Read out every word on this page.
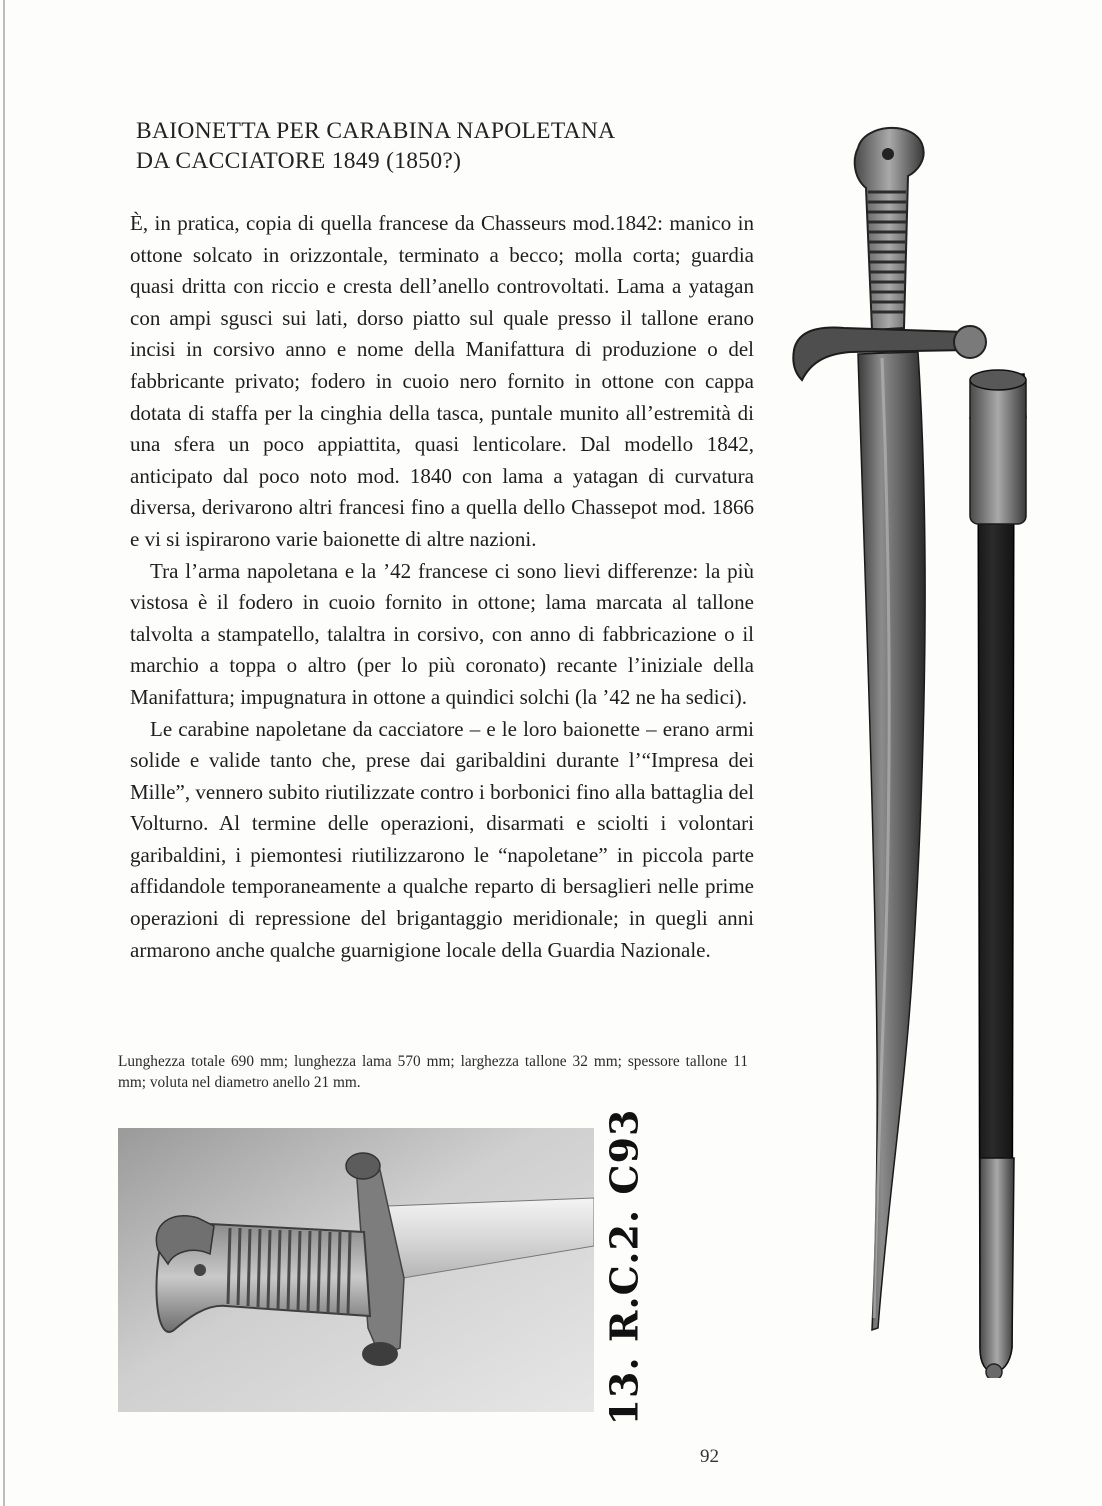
BAIONETTA PER CARABINA NAPOLETANA
DA CACCIATORE 1849 (1850?)

È, in pratica, copia di quella francese da Chasseurs mod.1842: manico in ottone solcato in orizzontale, terminato a becco; molla corta; guardia quasi dritta con riccio e cresta dell’anello controvoltati. Lama a yatagan con ampi sgusci sui lati, dorso piatto sul quale presso il tallone erano incisi in corsivo anno e nome della Manifattura di produzione o del fabbricante privato; fodero in cuoio nero fornito in ottone con cappa dotata di staffa per la cinghia della tasca, puntale munito all’estremità di una sfera un poco appiattita, quasi lenticolare. Dal modello 1842, anticipato dal poco noto mod. 1840 con lama a yatagan di curvatura diversa, derivarono altri francesi fino a quella dello Chassepot mod. 1866 e vi si ispirarono varie baionette di altre nazioni.

Tra l’arma napoletana e la ’42 francese ci sono lievi differenze: la più vistosa è il fodero in cuoio fornito in ottone; lama marcata al tallone talvolta a stampatello, talaltra in corsivo, con anno di fabbricazione o il marchio a toppa o altro (per lo più coronato) recante l’iniziale della Manifattura; impugnatura in ottone a quindici solchi (la ’42 ne ha sedici).

Le carabine napoletane da cacciatore – e le loro baionette – erano armi solide e valide tanto che, prese dai garibaldini durante l’“Impresa dei Mille”, vennero subito riutilizzate contro i borbonici fino alla battaglia del Volturno. Al termine delle operazioni, disarmati e sciolti i volontari garibaldini, i piemontesi riutilizzarono le “napoletane” in piccola parte affidandole temporaneamente a qualche reparto di bersaglieri nelle prime operazioni di repressione del brigantaggio meridionale; in quegli anni armarono anche qualche guarnigione locale della Guardia Nazionale.

Lunghezza totale 690 mm; lunghezza lama 570 mm; larghezza tallone 32 mm; spessore tallone 11 mm; voluta nel diametro anello 21 mm.
13. R.C.2. C93
92
